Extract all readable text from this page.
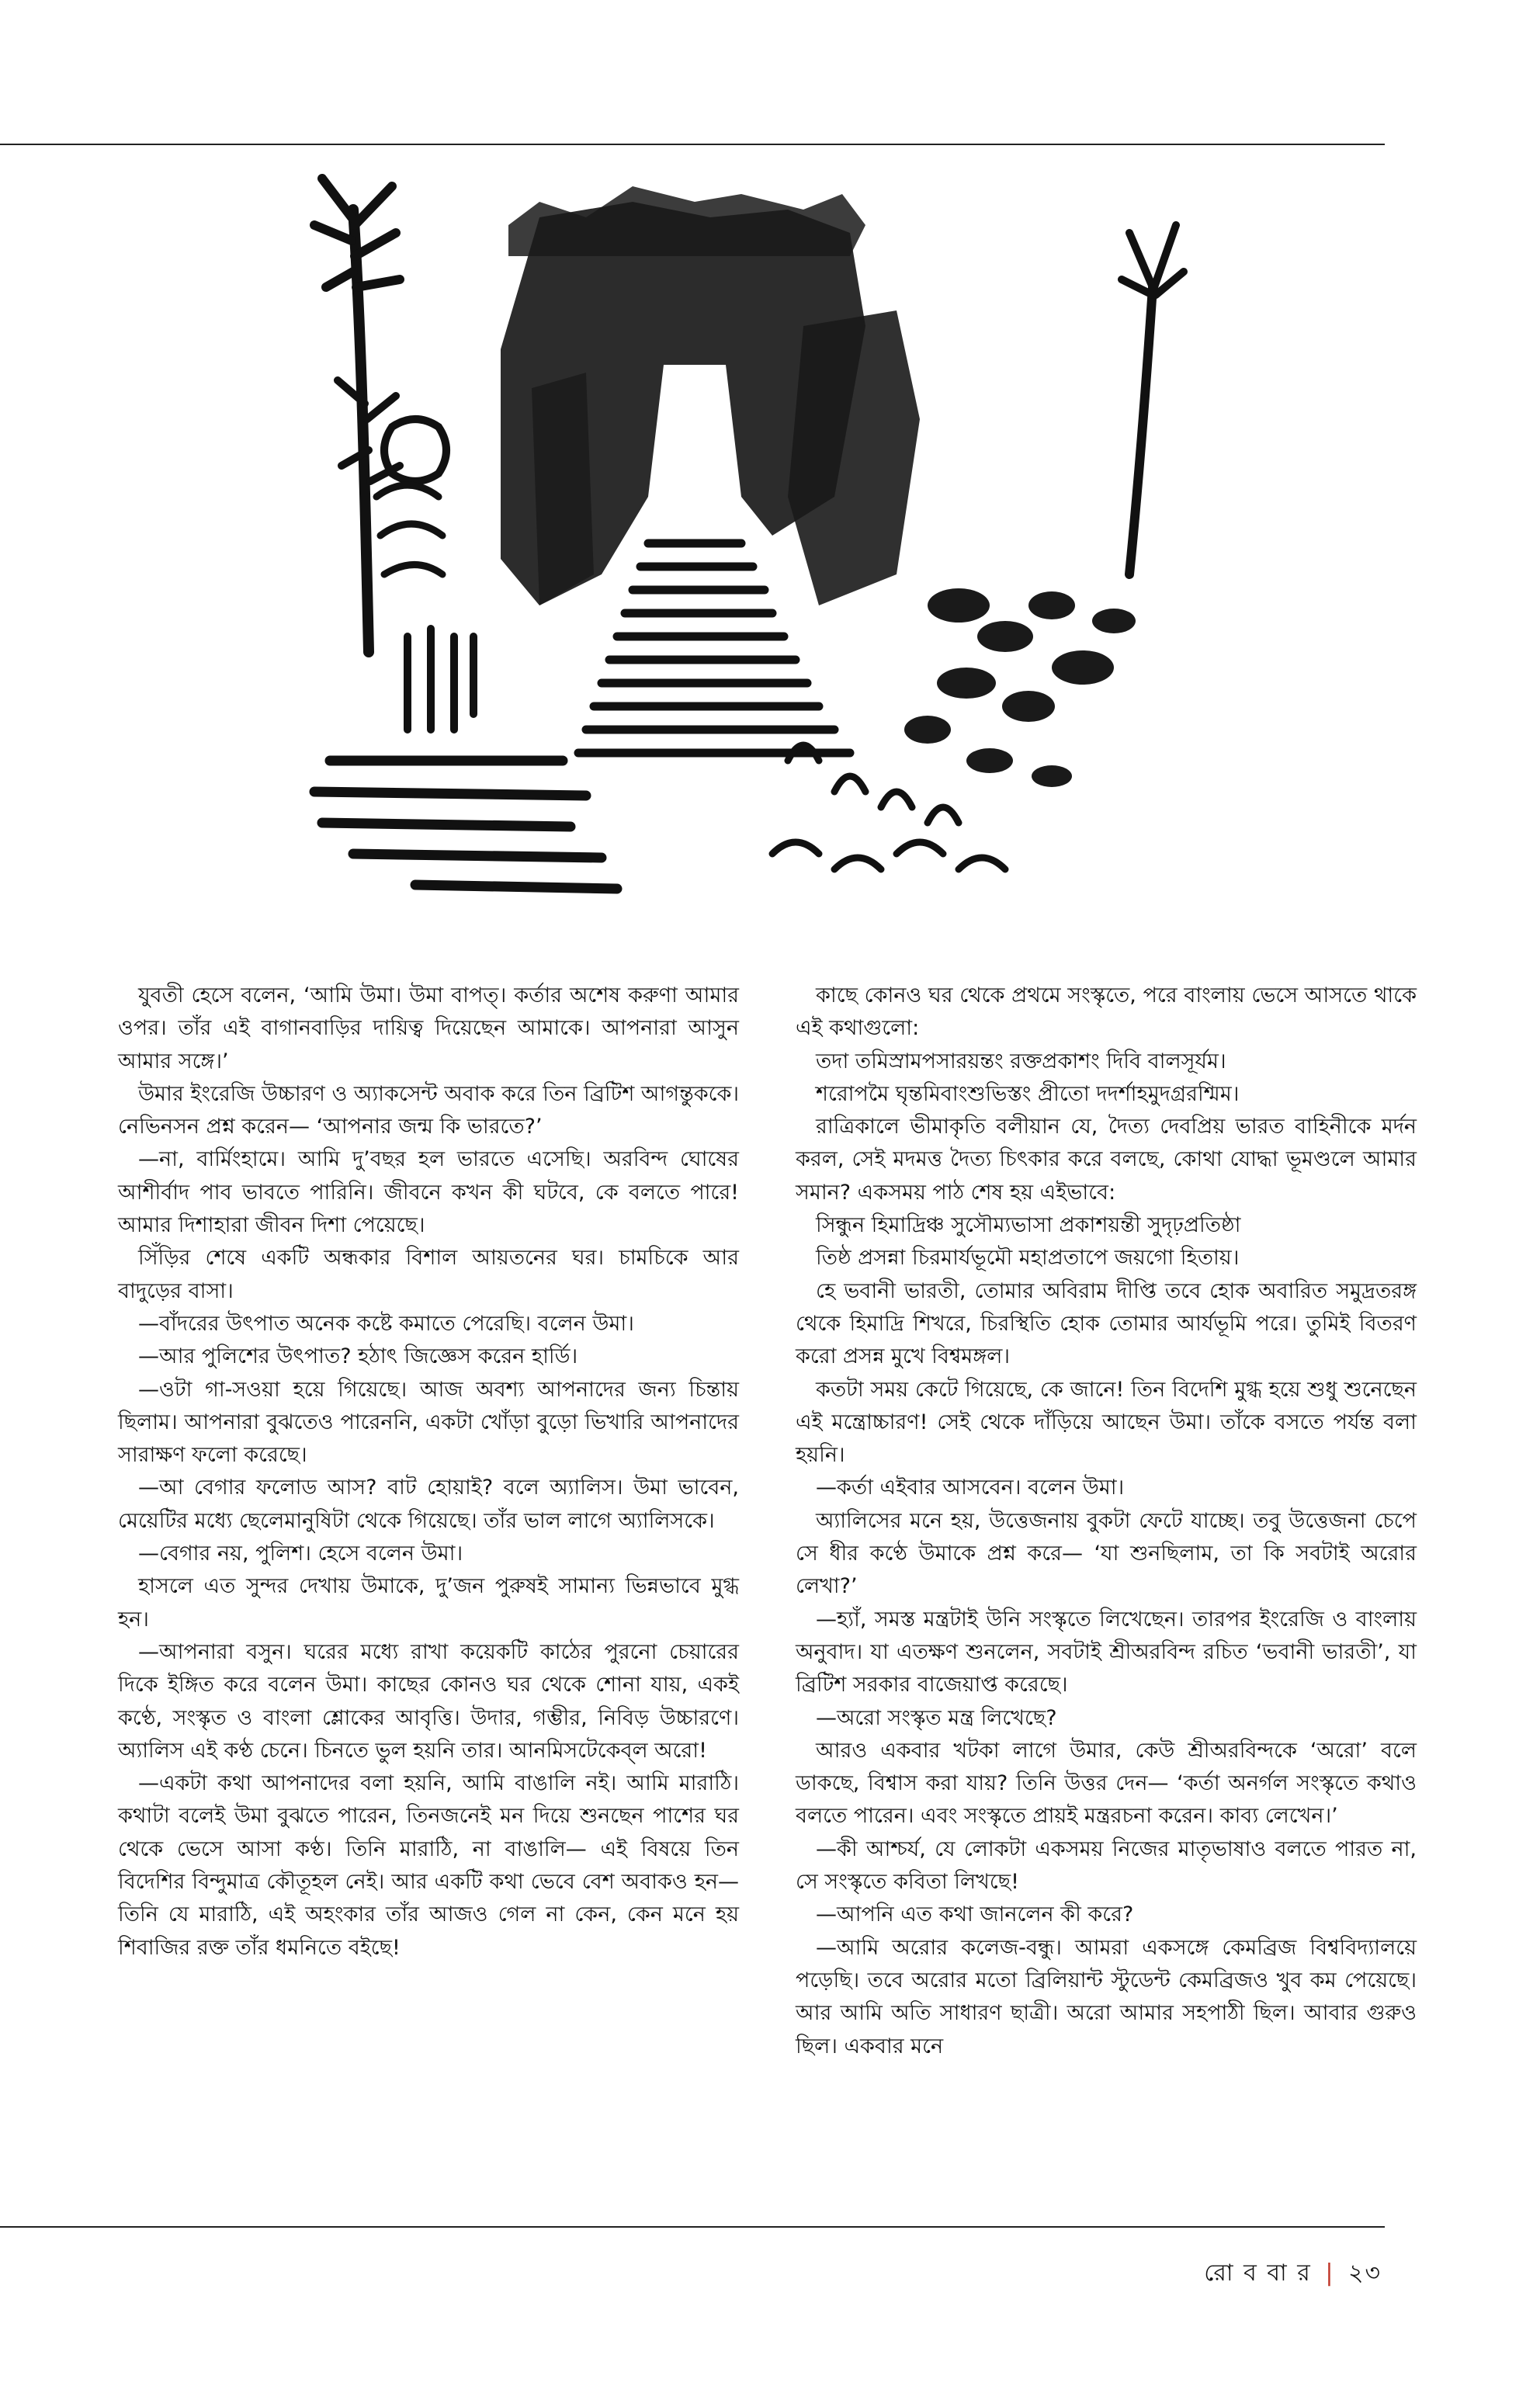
যুবতী হেসে বলেন, ‘আমি উমা। উমা বাপত্। কর্তার অশেষ করুণা আমার ওপর। তাঁর এই বাগানবাড়ির দায়িত্ব দিয়েছেন আমাকে। আপনারা আসুন আমার সঙ্গে।’

উমার ইংরেজি উচ্চারণ ও অ্যাকসেন্ট অবাক করে তিন ব্রিটিশ আগন্তুককে। নেভিনসন প্রশ্ন করেন— ‘আপনার জন্ম কি ভারতে?’

—না, বার্মিংহামে। আমি দু’বছর হল ভারতে এসেছি। অরবিন্দ ঘোষের আশীর্বাদ পাব ভাবতে পারিনি। জীবনে কখন কী ঘটবে, কে বলতে পারে! আমার দিশাহারা জীবন দিশা পেয়েছে।

সিঁড়ির শেষে একটি অন্ধকার বিশাল আয়তনের ঘর। চামচিকে আর বাদুড়ের বাসা।

—বাঁদরের উৎপাত অনেক কষ্টে কমাতে পেরেছি। বলেন উমা।

—আর পুলিশের উৎপাত? হঠাৎ জিজ্ঞেস করেন হার্ডি।

—ওটা গা-সওয়া হয়ে গিয়েছে। আজ অবশ্য আপনাদের জন্য চিন্তায় ছিলাম। আপনারা বুঝতেও পারেননি, একটা খোঁড়া বুড়ো ভিখারি আপনাদের সারাক্ষণ ফলো করেছে।

—আ বেগার ফলোড আস? বাট হোয়াই? বলে অ্যালিস। উমা ভাবেন, মেয়েটির মধ্যে ছেলেমানুষিটা থেকে গিয়েছে। তাঁর ভাল লাগে অ্যালিসকে।

—বেগার নয়, পুলিশ। হেসে বলেন উমা।

হাসলে এত সুন্দর দেখায় উমাকে, দু’জন পুরুষই সামান্য ভিন্নভাবে মুগ্ধ হন।

—আপনারা বসুন। ঘরের মধ্যে রাখা কয়েকটি কাঠের পুরনো চেয়ারের দিকে ইঙ্গিত করে বলেন উমা। কাছের কোনও ঘর থেকে শোনা যায়, একই কণ্ঠে, সংস্কৃত ও বাংলা শ্লোকের আবৃত্তি। উদার, গম্ভীর, নিবিড় উচ্চারণে। অ্যালিস এই কণ্ঠ চেনে। চিনতে ভুল হয়নি তার। আনমিসটেকেব্‌ল অরো!

—একটা কথা আপনাদের বলা হয়নি, আমি বাঙালি নই। আমি মারাঠি। কথাটা বলেই উমা বুঝতে পারেন, তিনজনেই মন দিয়ে শুনছেন পাশের ঘর থেকে ভেসে আসা কণ্ঠ। তিনি মারাঠি, না বাঙালি— এই বিষয়ে তিন বিদেশির বিন্দুমাত্র কৌতূহল নেই। আর একটি কথা ভেবে বেশ অবাকও হন— তিনি যে মারাঠি, এই অহংকার তাঁর আজও গেল না কেন, কেন মনে হয় শিবাজির রক্ত তাঁর ধমনিতে বইছে!

কাছে কোনও ঘর থেকে প্রথমে সংস্কৃতে, পরে বাংলায় ভেসে আসতে থাকে এই কথাগুলো:

তদা তমিস্রামপসারয়ন্তং রক্তপ্রকাশং দিবি বালসূর্যম।

শরোপমৈ ঘৃন্তমিবাংশুভিস্তং প্রীতো দদর্শাহমুদগ্ররশ্মিম।

রাত্রিকালে ভীমাকৃতি বলীয়ান যে, দৈত্য দেবপ্রিয় ভারত বাহিনীকে মর্দন করল, সেই মদমত্ত দৈত্য চিৎকার করে বলছে, কোথা যোদ্ধা ভূমণ্ডলে আমার সমান? একসময় পাঠ শেষ হয় এইভাবে:

সিন্ধুন হিমাদ্রিঞ্চ সুসৌম্যভাসা প্রকাশয়ন্তী সুদৃঢ়প্রতিষ্ঠা

তিষ্ঠ প্রসন্না চিরমার্যভূমৌ মহাপ্রতাপে জয়গো হিতায়।

হে ভবানী ভারতী, তোমার অবিরাম দীপ্তি তবে হোক অবারিত সমুদ্রতরঙ্গ থেকে হিমাদ্রি শিখরে, চিরস্থিতি হোক তোমার আর্যভূমি পরে। তুমিই বিতরণ করো প্রসন্ন মুখে বিশ্বমঙ্গল।

কতটা সময় কেটে গিয়েছে, কে জানে! তিন বিদেশি মুগ্ধ হয়ে শুধু শুনেছেন এই মন্ত্রোচ্চারণ! সেই থেকে দাঁড়িয়ে আছেন উমা। তাঁকে বসতে পর্যন্ত বলা হয়নি।

—কর্তা এইবার আসবেন। বলেন উমা।

অ্যালিসের মনে হয়, উত্তেজনায় বুকটা ফেটে যাচ্ছে। তবু উত্তেজনা চেপে সে ধীর কণ্ঠে উমাকে প্রশ্ন করে— ‘যা শুনছিলাম, তা কি সবটাই অরোর লেখা?’

—হ্যাঁ, সমস্ত মন্ত্রটাই উনি সংস্কৃতে লিখেছেন। তারপর ইংরেজি ও বাংলায় অনুবাদ। যা এতক্ষণ শুনলেন, সবটাই শ্রীঅরবিন্দ রচিত ‘ভবানী ভারতী’, যা ব্রিটিশ সরকার বাজেয়াপ্ত করেছে।

—অরো সংস্কৃত মন্ত্র লিখেছে?

আরও একবার খটকা লাগে উমার, কেউ শ্রীঅরবিন্দকে ‘অরো’ বলে ডাকছে, বিশ্বাস করা যায়? তিনি উত্তর দেন— ‘কর্তা অনর্গল সংস্কৃতে কথাও বলতে পারেন। এবং সংস্কৃতে প্রায়ই মন্ত্ররচনা করেন। কাব্য লেখেন।’

—কী আশ্চর্য, যে লোকটা একসময় নিজের মাতৃভাষাও বলতে পারত না, সে সংস্কৃতে কবিতা লিখছে!

—আপনি এত কথা জানলেন কী করে?

—আমি অরোর কলেজ-বন্ধু। আমরা একসঙ্গে কেমব্রিজ বিশ্ববিদ্যালয়ে পড়েছি। তবে অরোর মতো ব্রিলিয়ান্ট স্টুডেন্ট কেমব্রিজও খুব কম পেয়েছে। আর আমি অতি সাধারণ ছাত্রী। অরো আমার সহপাঠী ছিল। আবার গুরুও ছিল। একবার মনে

রো ব বা র | ২৩
